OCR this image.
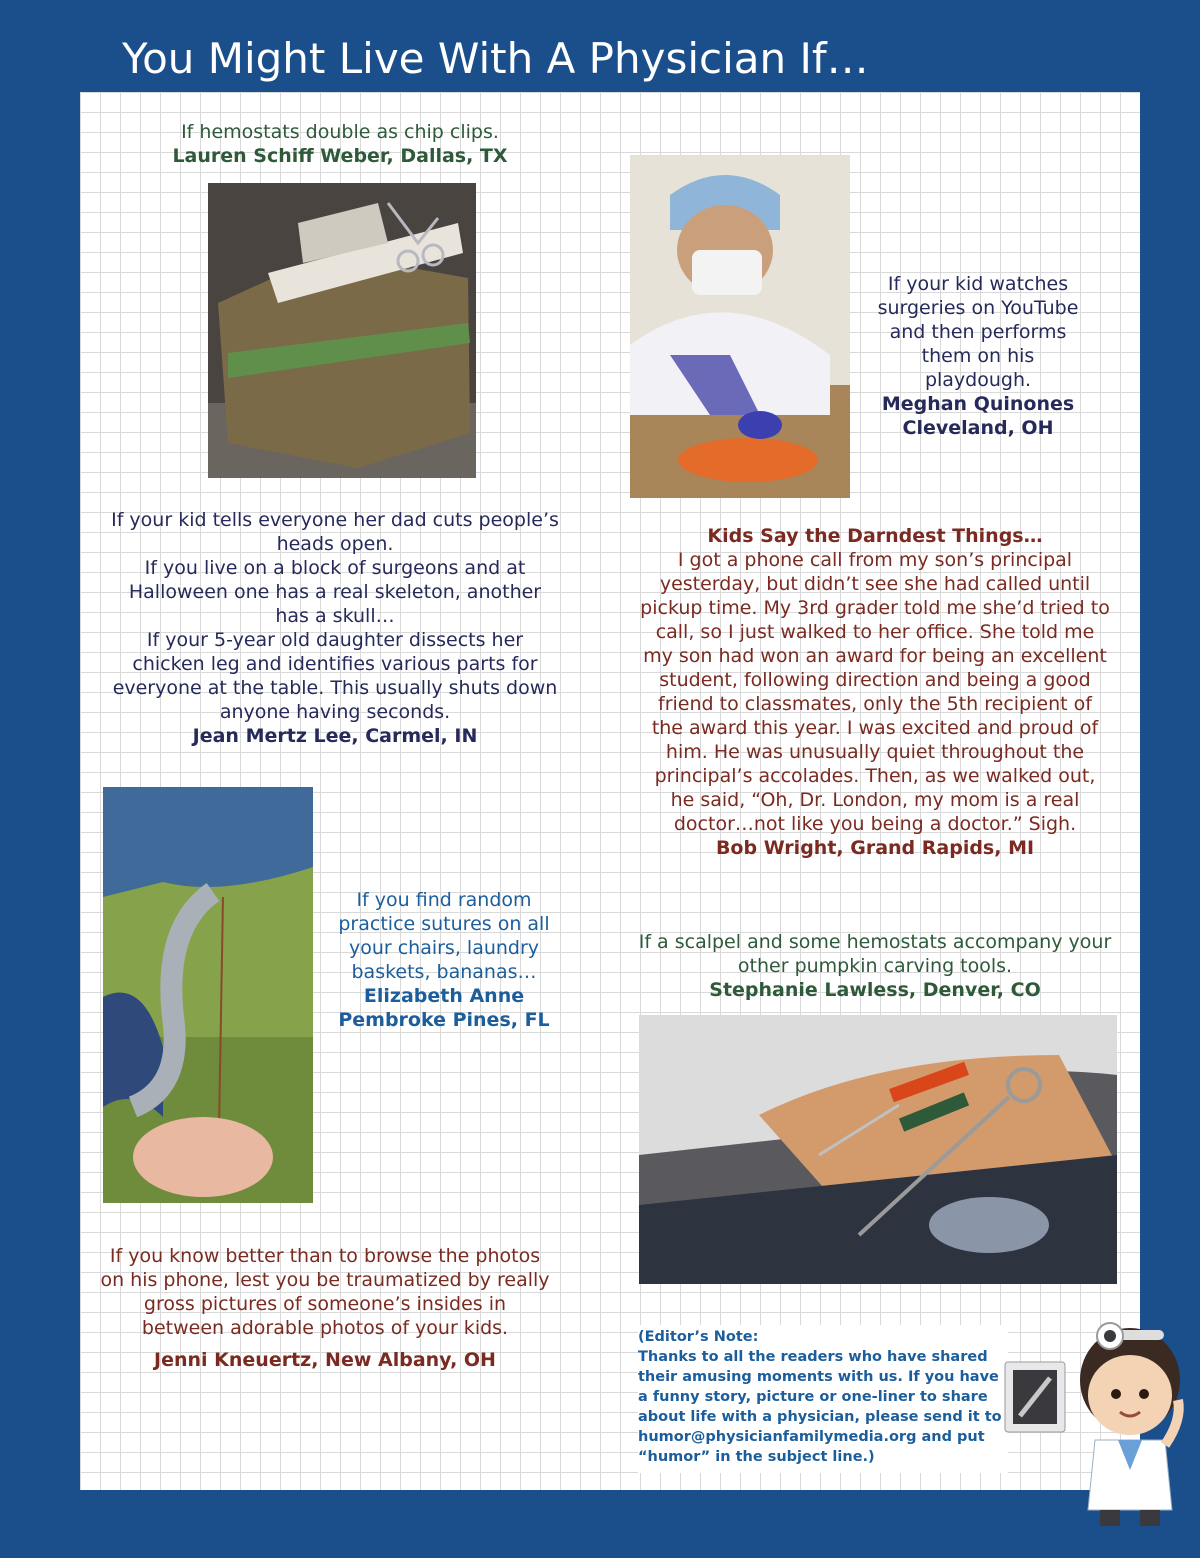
You Might Live With A Physician If…

If hemostats double as chip clips.

Lauren Schiff Weber, Dallas, TX

If your kid watches surgeries on YouTube and then performs them on his playdough.

Meghan Quinones

Cleveland, OH

If your kid tells everyone her dad cuts people’s heads open.

If you live on a block of surgeons and at Halloween one has a real skeleton, another has a skull…

If your 5-year old daughter dissects her chicken leg and identifies various parts for everyone at the table. This usually shuts down anyone having seconds.

Jean Mertz Lee, Carmel, IN

Kids Say the Darndest Things…

I got a phone call from my son’s principal yesterday, but didn’t see she had called until pickup time. My 3rd grader told me she’d tried to call, so I just walked to her office. She told me my son had won an award for being an excellent student, following direction and being a good friend to classmates, only the 5th recipient of the award this year. I was excited and proud of him. He was unusually quiet throughout the principal’s accolades. Then, as we walked out, he said, “Oh, Dr. London, my mom is a real doctor…not like you being a doctor.” Sigh.

Bob Wright, Grand Rapids, MI

If you find random practice sutures on all your chairs, laundry baskets, bananas…

Elizabeth Anne

Pembroke Pines, FL

If a scalpel and some hemostats accompany your other pumpkin carving tools.

Stephanie Lawless, Denver, CO

If you know better than to browse the photos on his phone, lest you be traumatized by really gross pictures of someone’s insides in between adorable photos of your kids.

Jenni Kneuertz, New Albany, OH

(Editor’s Note:

Thanks to all the readers who have shared their amusing moments with us. If you have a funny story, picture or one-liner to share about life with a physician, please send it to humor@physicianfamilymedia.org and put “humor” in the subject line.)
